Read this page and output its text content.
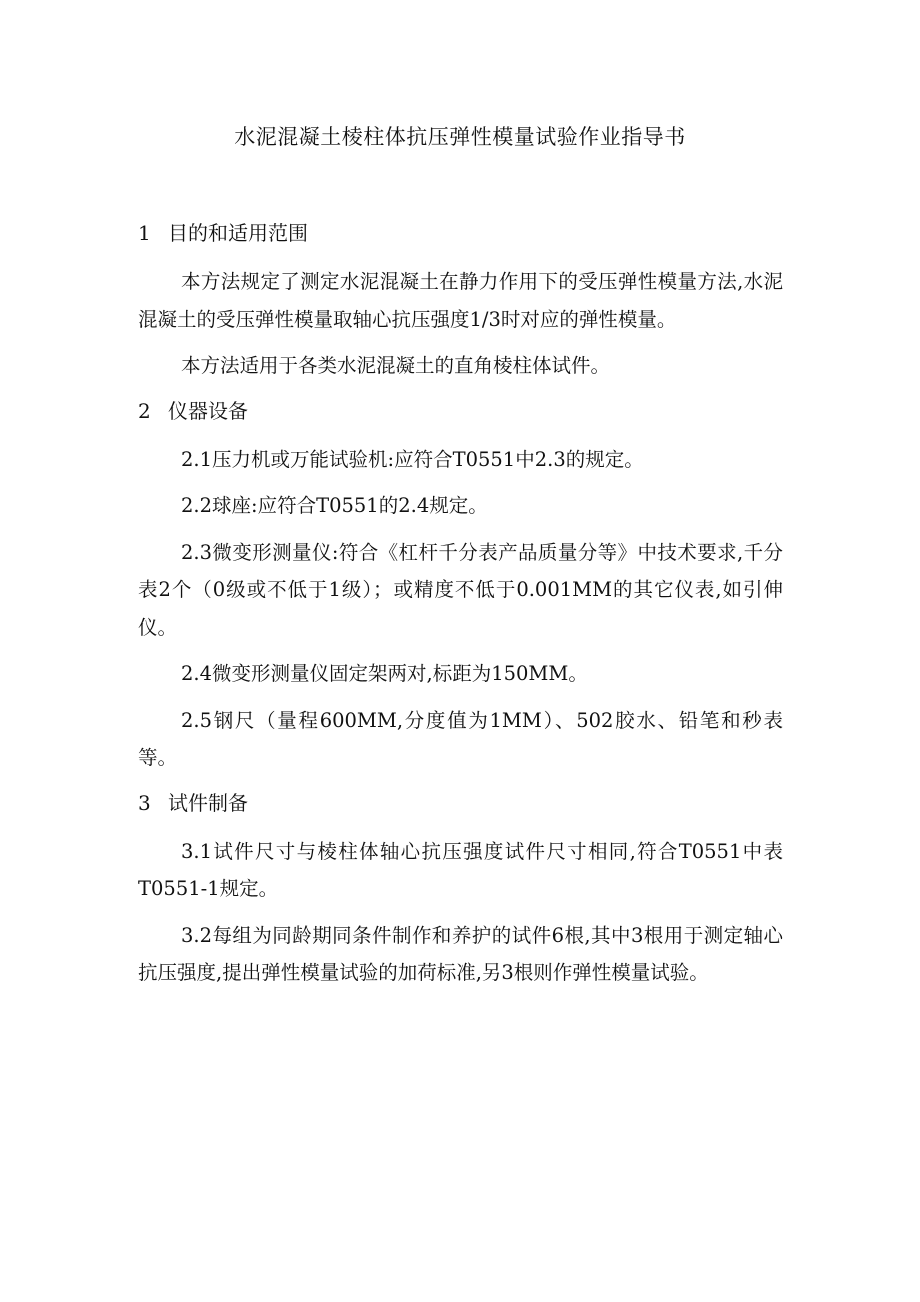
水泥混凝土棱柱体抗压弹性模量试验作业指导书
1 目的和适用范围

本方法规定了测定水泥混凝土在静力作用下的受压弹性模量方法,水泥混凝土的受压弹性模量取轴心抗压强度1/3时对应的弹性模量。

本方法适用于各类水泥混凝土的直角棱柱体试件。

2 仪器设备

2.1压力机或万能试验机:应符合T0551中2.3的规定。

2.2球座:应符合T0551的2.4规定。

2.3微变形测量仪:符合《杠杆千分表产品质量分等》中技术要求,千分表2个（0级或不低于1级）；或精度不低于0.001MM的其它仪表,如引伸仪。

2.4微变形测量仪固定架两对,标距为150MM。

2.5钢尺（量程600MM,分度值为1MM）、502胶水、铅笔和秒表等。

3 试件制备

3.1试件尺寸与棱柱体轴心抗压强度试件尺寸相同,符合T0551中表T0551-1规定。

3.2每组为同龄期同条件制作和养护的试件6根,其中3根用于测定轴心抗压强度,提出弹性模量试验的加荷标准,另3根则作弹性模量试验。
